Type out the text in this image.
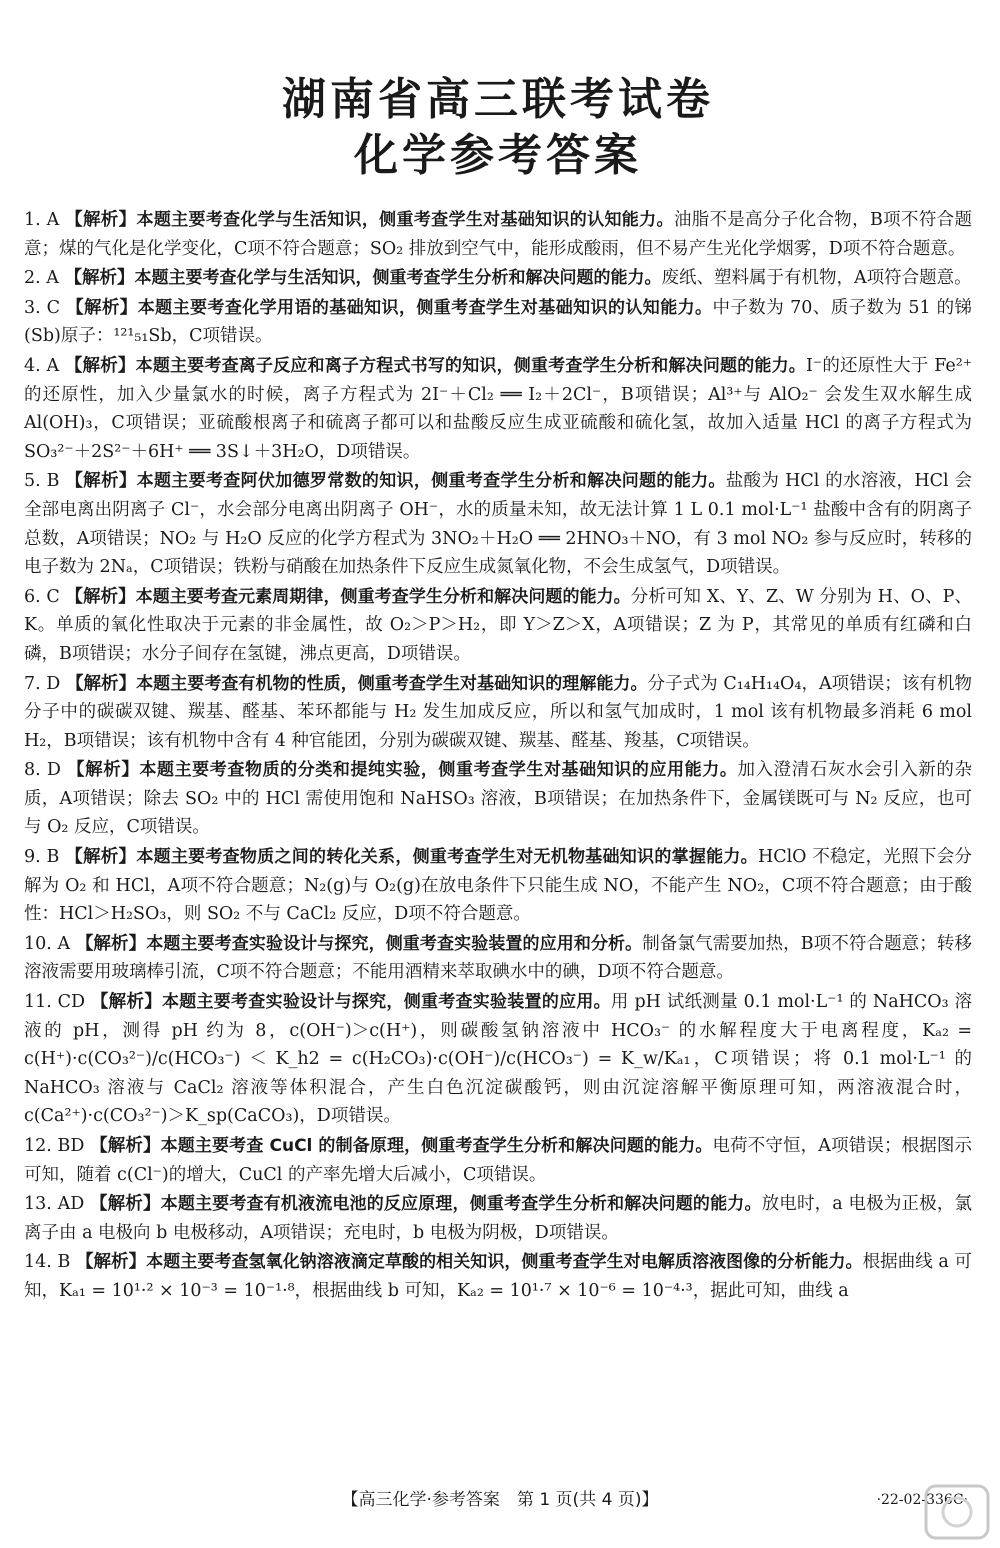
湖南省高三联考试卷
化学参考答案

1. A 【解析】本题主要考查化学与生活知识，侧重考查学生对基础知识的认知能力。油脂不是高分子化合物，B项不符合题意；煤的气化是化学变化，C项不符合题意；SO₂ 排放到空气中，能形成酸雨，但不易产生光化学烟雾，D项不符合题意。

2. A 【解析】本题主要考查化学与生活知识，侧重考查学生分析和解决问题的能力。废纸、塑料属于有机物，A项符合题意。

3. C 【解析】本题主要考查化学用语的基础知识，侧重考查学生对基础知识的认知能力。中子数为 70、质子数为 51 的锑(Sb)原子：¹²¹₅₁Sb，C项错误。

4. A 【解析】本题主要考查离子反应和离子方程式书写的知识，侧重考查学生分析和解决问题的能力。I⁻的还原性大于 Fe²⁺ 的还原性，加入少量氯水的时候，离子方程式为 2I⁻＋Cl₂ ══ I₂＋2Cl⁻，B项错误；Al³⁺与 AlO₂⁻ 会发生双水解生成 Al(OH)₃，C项错误；亚硫酸根离子和硫离子都可以和盐酸反应生成亚硫酸和硫化氢，故加入适量 HCl 的离子方程式为 SO₃²⁻＋2S²⁻＋6H⁺ ══ 3S↓＋3H₂O，D项错误。

5. B 【解析】本题主要考查阿伏加德罗常数的知识，侧重考查学生分析和解决问题的能力。盐酸为 HCl 的水溶液，HCl 会全部电离出阴离子 Cl⁻，水会部分电离出阴离子 OH⁻，水的质量未知，故无法计算 1 L 0.1 mol·L⁻¹ 盐酸中含有的阴离子总数，A项错误；NO₂ 与 H₂O 反应的化学方程式为 3NO₂＋H₂O ══ 2HNO₃＋NO，有 3 mol NO₂ 参与反应时，转移的电子数为 2Nₐ，C项错误；铁粉与硝酸在加热条件下反应生成氮氧化物，不会生成氢气，D项错误。

6. C 【解析】本题主要考查元素周期律，侧重考查学生分析和解决问题的能力。分析可知 X、Y、Z、W 分别为 H、O、P、K。单质的氧化性取决于元素的非金属性，故 O₂＞P＞H₂，即 Y＞Z＞X，A项错误；Z 为 P，其常见的单质有红磷和白磷，B项错误；水分子间存在氢键，沸点更高，D项错误。

7. D 【解析】本题主要考查有机物的性质，侧重考查学生对基础知识的理解能力。分子式为 C₁₄H₁₄O₄，A项错误；该有机物分子中的碳碳双键、羰基、醛基、苯环都能与 H₂ 发生加成反应，所以和氢气加成时，1 mol 该有机物最多消耗 6 mol H₂，B项错误；该有机物中含有 4 种官能团，分别为碳碳双键、羰基、醛基、羧基，C项错误。

8. D 【解析】本题主要考查物质的分类和提纯实验，侧重考查学生对基础知识的应用能力。加入澄清石灰水会引入新的杂质，A项错误；除去 SO₂ 中的 HCl 需使用饱和 NaHSO₃ 溶液，B项错误；在加热条件下，金属镁既可与 N₂ 反应，也可与 O₂ 反应，C项错误。

9. B 【解析】本题主要考查物质之间的转化关系，侧重考查学生对无机物基础知识的掌握能力。HClO 不稳定，光照下会分解为 O₂ 和 HCl，A项不符合题意；N₂(g)与 O₂(g)在放电条件下只能生成 NO，不能产生 NO₂，C项不符合题意；由于酸性：HCl＞H₂SO₃，则 SO₂ 不与 CaCl₂ 反应，D项不符合题意。

10. A 【解析】本题主要考查实验设计与探究，侧重考查实验装置的应用和分析。制备氯气需要加热，B项不符合题意；转移溶液需要用玻璃棒引流，C项不符合题意；不能用酒精来萃取碘水中的碘，D项不符合题意。

11. CD 【解析】本题主要考查实验设计与探究，侧重考查实验装置的应用。用 pH 试纸测量 0.1 mol·L⁻¹ 的 NaHCO₃ 溶液的 pH，测得 pH 约为 8，c(OH⁻)＞c(H⁺)，则碳酸氢钠溶液中 HCO₃⁻ 的水解程度大于电离程度，Kₐ₂ = c(H⁺)·c(CO₃²⁻)/c(HCO₃⁻) ＜ K_h2 = c(H₂CO₃)·c(OH⁻)/c(HCO₃⁻) = K_w/Kₐ₁，C项错误；将 0.1 mol·L⁻¹ 的 NaHCO₃ 溶液与 CaCl₂ 溶液等体积混合，产生白色沉淀碳酸钙，则由沉淀溶解平衡原理可知，两溶液混合时，c(Ca²⁺)·c(CO₃²⁻)＞K_sp(CaCO₃)，D项错误。

12. BD 【解析】本题主要考查 CuCl 的制备原理，侧重考查学生分析和解决问题的能力。电荷不守恒，A项错误；根据图示可知，随着 c(Cl⁻)的增大，CuCl 的产率先增大后减小，C项错误。

13. AD 【解析】本题主要考查有机液流电池的反应原理，侧重考查学生分析和解决问题的能力。放电时，a 电极为正极，氯离子由 a 电极向 b 电极移动，A项错误；充电时，b 电极为阴极，D项错误。

14. B 【解析】本题主要考查氢氧化钠溶液滴定草酸的相关知识，侧重考查学生对电解质溶液图像的分析能力。根据曲线 a 可知，Kₐ₁ = 10¹·² × 10⁻³ = 10⁻¹·⁸，根据曲线 b 可知，Kₐ₂ = 10¹·⁷ × 10⁻⁶ = 10⁻⁴·³，据此可知，曲线 a

【高三化学·参考答案　第 1 页(共 4 页)】	·22-02-336C·
